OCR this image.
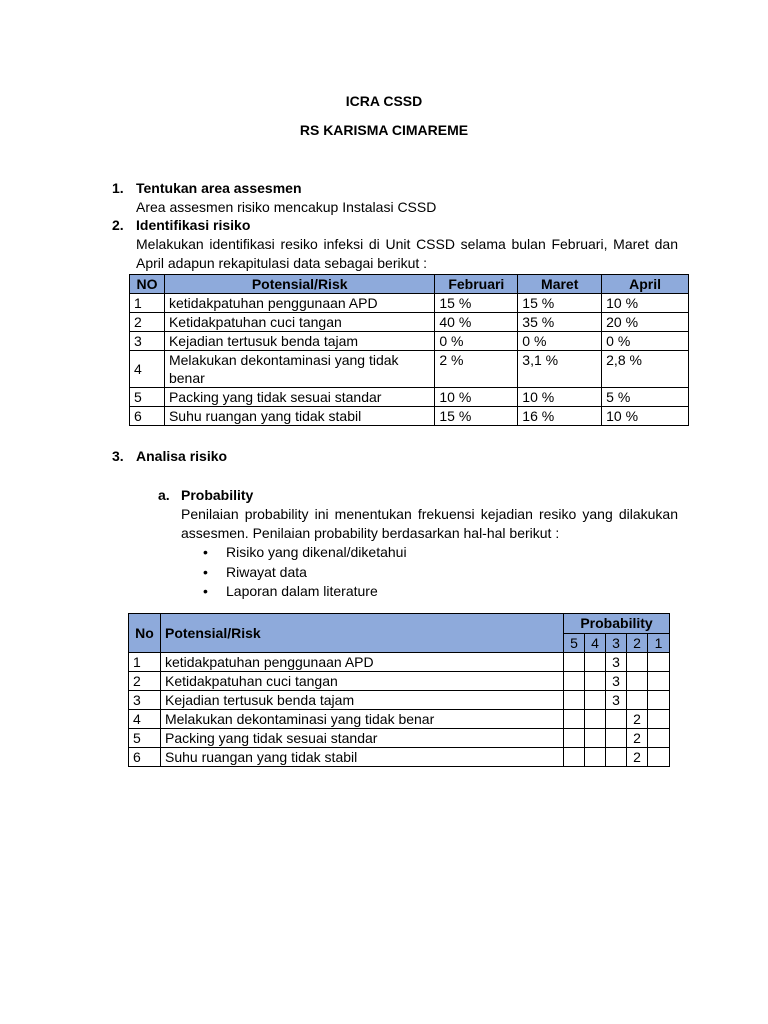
ICRA CSSD
RS KARISMA CIMAREME
1. Tentukan area assesmen
Area assesmen risiko mencakup Instalasi CSSD
2. Identifikasi risiko
Melakukan identifikasi resiko infeksi di Unit CSSD selama bulan Februari, Maret dan
April adapun rekapitulasi data sebagai berikut :
NO	Potensial/Risk	Februari	Maret	April
1	ketidakpatuhan penggunaan APD	15 %	15 %	10 %
2	Ketidakpatuhan cuci tangan	40 %	35 %	20 %
3	Kejadian tertusuk benda tajam	0 %	0 %	0 %
4	Melakukan dekontaminasi yang tidak
benar	2 %	3,1 %	2,8 %
5	Packing yang tidak sesuai standar	10 %	10 %	5 %
6	Suhu ruangan yang tidak stabil	15 %	16 %	10 %
3. Analisa risiko
a. Probability
Penilaian probability ini menentukan frekuensi kejadian resiko yang dilakukan
assesmen. Penilaian probability berdasarkan hal-hal berikut :
• Risiko yang dikenal/diketahui
• Riwayat data
• Laporan dalam literature
No	Potensial/Risk	Probability				
		5	4	3	2	1
1	ketidakpatuhan penggunaan APD			3		
2	Ketidakpatuhan cuci tangan			3		
3	Kejadian tertusuk benda tajam			3		
4	Melakukan dekontaminasi yang tidak benar				2	
5	Packing yang tidak sesuai standar				2	
6	Suhu ruangan yang tidak stabil				2	
